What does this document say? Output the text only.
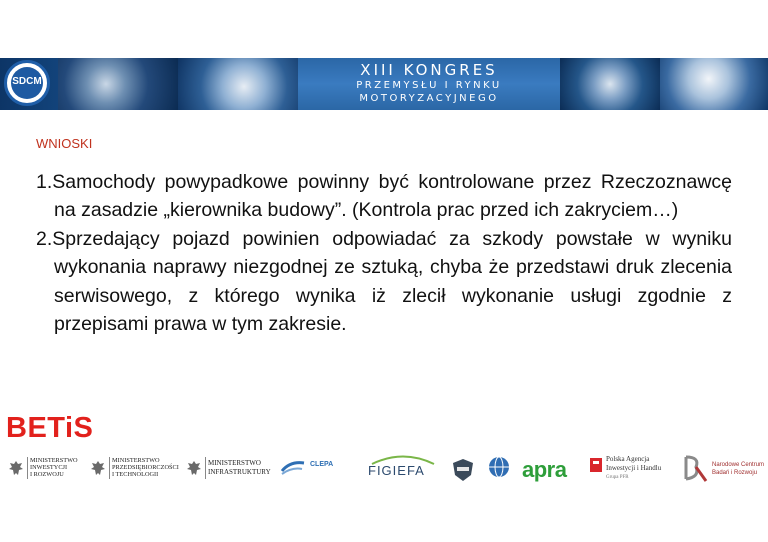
XIII KONGRES
PRZEMYSŁU I RYNKU
MOTORYZACYJNEGO
SDCM
WNIOSKI
1.Samochody powypadkowe powinny być kontrolowane przez Rzeczoznawcę na zasadzie „kierownika budowy”. (Kontrola prac przed ich zakryciem…)
2.Sprzedający pojazd powinien odpowiadać za szkody powstałe w wyniku wykonania naprawy niezgodnej ze sztuką, chyba że przedstawi druk zlecenia serwisowego, z którego wynika iż zlecił wykonanie usługi zgodnie z przepisami prawa w tym zakresie.
BETiS
MINISTERSTWO
INWESTYCJI
I ROZWOJU
MINISTERSTWO
PRZEDSIĘBIORCZOŚCI
I TECHNOLOGII
MINISTERSTWO
INFRASTRUKTURY
CLEPA	FIGIEFA	apra	Polska Agencja
Inwestycji i Handlu
Grupa PFR
Narodowe Centrum
Badań i Rozwoju
